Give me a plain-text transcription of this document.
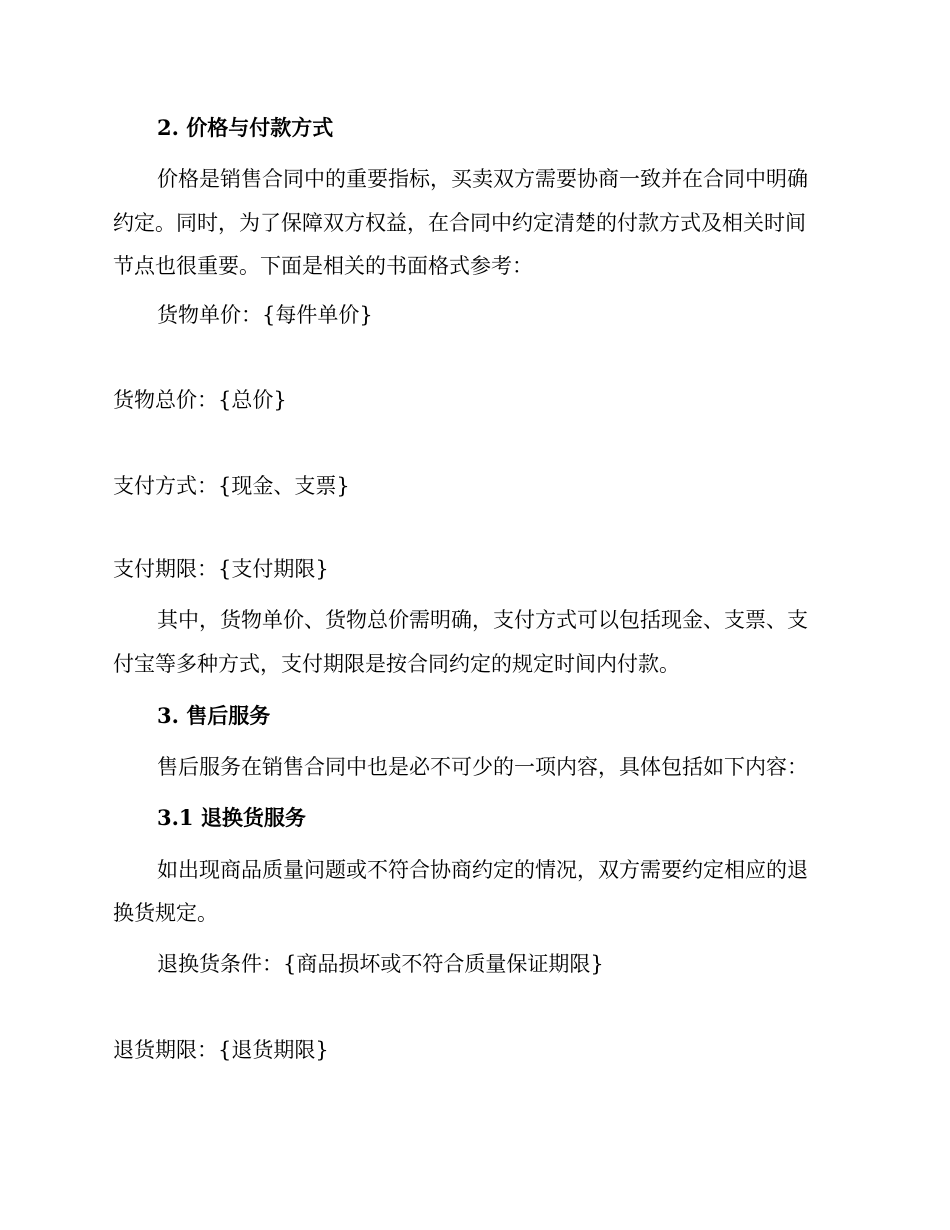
2. 价格与付款方式
价格是销售合同中的重要指标，买卖双方需要协商一致并在合同中明确
约定。同时，为了保障双方权益，在合同中约定清楚的付款方式及相关时间
节点也很重要。下面是相关的书面格式参考：
货物单价：{每件单价}
货物总价：{总价}
支付方式：{现金、支票}
支付期限：{支付期限}
其中，货物单价、货物总价需明确，支付方式可以包括现金、支票、支
付宝等多种方式，支付期限是按合同约定的规定时间内付款。
3. 售后服务
售后服务在销售合同中也是必不可少的一项内容，具体包括如下内容：
3.1 退换货服务
如出现商品质量问题或不符合协商约定的情况，双方需要约定相应的退
换货规定。
退换货条件：{商品损坏或不符合质量保证期限}
退货期限：{退货期限}
